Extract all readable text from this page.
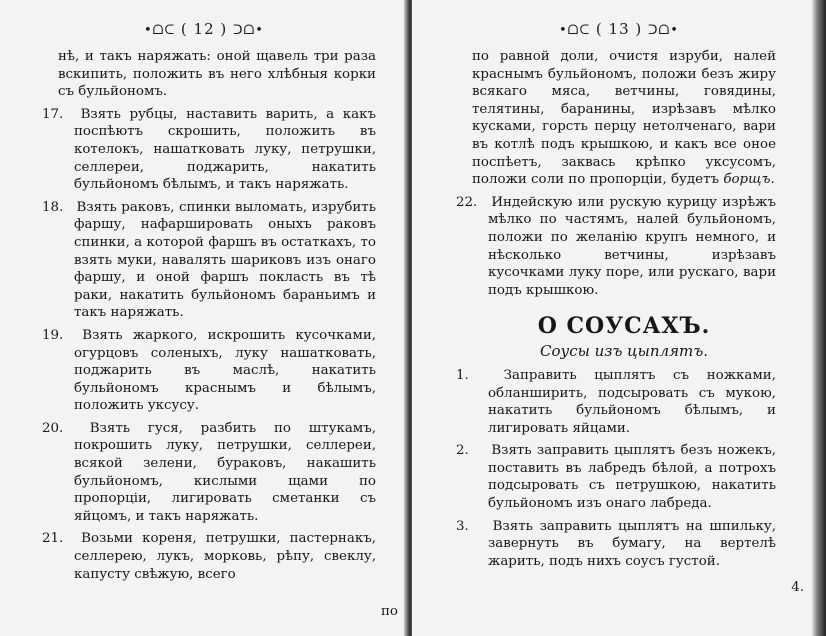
•ᗝᑕ ( 12 ) ᑐᗝ•

нѣ, и такъ наряжать: оной щавель три раза вскипить, положить въ него хлѣбныя корки съ бульйономъ.

17. Взять рубцы, наставить варить, а какъ поспѣютъ скрошить, положить въ котелокъ, нашатковать луку, петрушки, селлереи, поджарить, накатить бульйономъ бѣлымъ, и такъ наряжать.

18. Взять раковъ, спинки выломать, изрубить фаршу, нафаршировать оныхъ раковъ спинки, а которой фаршъ въ остаткахъ, то взять муки, навалять шариковъ изъ онаго фаршу, и оной фаршъ покласть въ тѣ раки, накатить бульйономъ бараньимъ и такъ наряжать.

19. Взять жаркого, искрошить кусочками, огурцовъ соленыхъ, луку нашатковать, поджарить въ маслѣ, накатить бульйономъ краснымъ и бѣлымъ, положить уксусу.

20. Взять гуся, разбить по штукамъ, покрошить луку, петрушки, селлереи, всякой зелени, бураковъ, накашить бульйономъ, кислыми щами по пропорціи, лигировать сметанки съ яйцомъ, и такъ наряжать.

21. Возьми кореня, петрушки, пастернакъ, селлерею, лукъ, морковь, рѣпу, свеклу, капусту свѣжую, всего

по
•ᗝᑕ ( 13 ) ᑐᗝ•

по равной доли, очистя изруби, налей краснымъ бульйономъ, положи безъ жиру всякаго мяса, ветчины, говядины, телятины, баранины, изрѣзавъ мѣлко кусками, горсть перцу нетолченаго, вари въ котлѣ подъ крышкою, и какъ все оное поспѣетъ, заквась крѣпко уксусомъ, положи соли по пропорціи, будетъ борщъ.

22. Индейскую или рускую курицу изрѣжъ мѣлко по частямъ, налей бульйономъ, положи по желанію крупъ немного, и нѣсколько ветчины, изрѣзавъ кусочками луку поре, или рускаго, вари подъ крышкою.

О СОУСАХЪ.
Соусы изъ цыплятъ.

1.	Заправить цыплятъ съ ножками, обланширить, подсыровать съ мукою, накатить бульйономъ бѣлымъ, и лигировать яйцами.

2. Взять заправить цыплятъ безъ ножекъ, поставить въ лабредъ бѣлой, а потрохъ подсыровать съ петрушкою, накатить бульйономъ изъ онаго лабреда.

3. Взять заправить цыплятъ на шпильку, завернуть въ бумагу, на вертелѣ жарить, подъ нихъ соусъ густой.

4.
